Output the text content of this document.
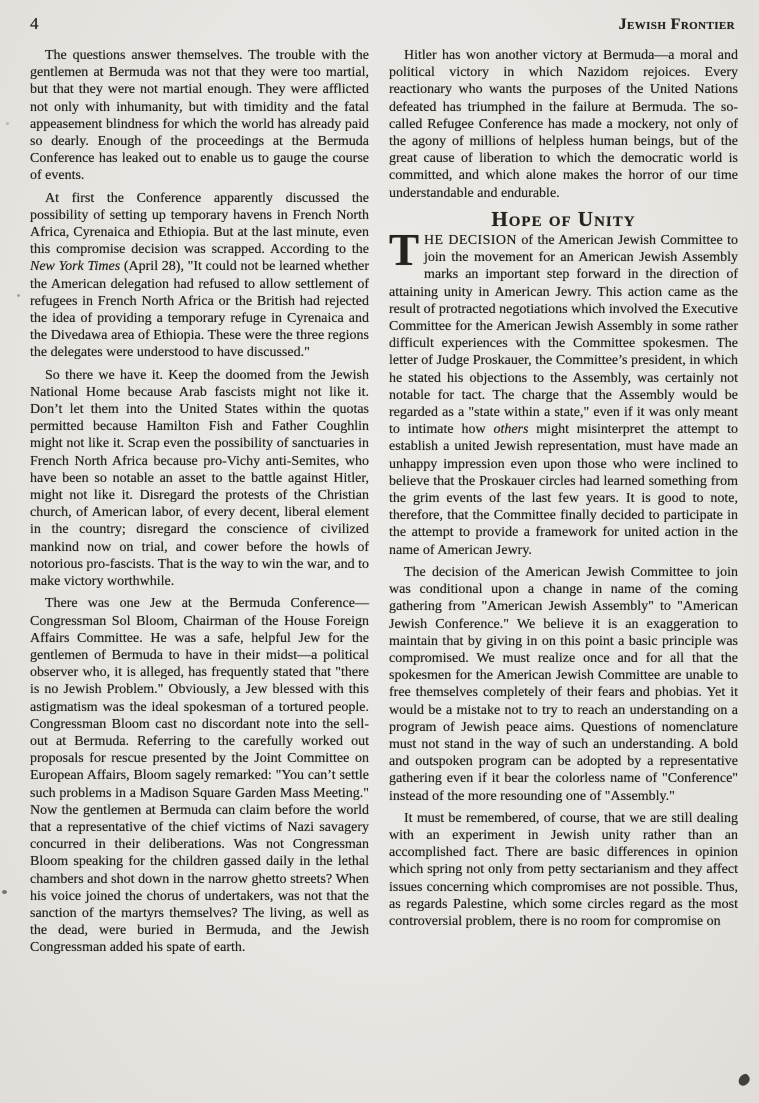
4	Jewish Frontier

The questions answer themselves. The trouble with the gentlemen at Bermuda was not that they were too martial, but that they were not martial enough. They were afflicted not only with inhumanity, but with timidity and the fatal appeasement blindness for which the world has already paid so dearly. Enough of the proceedings at the Bermuda Conference has leaked out to enable us to gauge the course of events.

At first the Conference apparently discussed the possibility of setting up temporary havens in French North Africa, Cyrenaica and Ethiopia. But at the last minute, even this compromise decision was scrapped. According to the New York Times (April 28), "It could not be learned whether the American delegation had refused to allow settlement of refugees in French North Africa or the British had rejected the idea of providing a temporary refuge in Cyrenaica and the Divedawa area of Ethiopia. These were the three regions the delegates were understood to have discussed."

So there we have it. Keep the doomed from the Jewish National Home because Arab fascists might not like it. Don’t let them into the United States within the quotas permitted because Hamilton Fish and Father Coughlin might not like it. Scrap even the possibility of sanctuaries in French North Africa because pro-Vichy anti-Semites, who have been so notable an asset to the battle against Hitler, might not like it. Disregard the protests of the Christian church, of American labor, of every decent, liberal element in the country; disregard the conscience of civilized mankind now on trial, and cower before the howls of notorious pro-fascists. That is the way to win the war, and to make victory worthwhile.

There was one Jew at the Bermuda Conference—Congressman Sol Bloom, Chairman of the House Foreign Affairs Committee. He was a safe, helpful Jew for the gentlemen of Bermuda to have in their midst—a political observer who, it is alleged, has frequently stated that "there is no Jewish Problem." Obviously, a Jew blessed with this astigmatism was the ideal spokesman of a tortured people. Congressman Bloom cast no discordant note into the sell-out at Bermuda. Referring to the carefully worked out proposals for rescue presented by the Joint Committee on European Affairs, Bloom sagely remarked: "You can’t settle such problems in a Madison Square Garden Mass Meeting." Now the gentlemen at Bermuda can claim before the world that a representative of the chief victims of Nazi savagery concurred in their deliberations. Was not Congressman Bloom speaking for the children gassed daily in the lethal chambers and shot down in the narrow ghetto streets? When his voice joined the chorus of undertakers, was not that the sanction of the martyrs themselves? The living, as well as the dead, were buried in Bermuda, and the Jewish Congressman added his spate of earth.

Hitler has won another victory at Bermuda—a moral and political victory in which Nazidom rejoices. Every reactionary who wants the purposes of the United Nations defeated has triumphed in the failure at Bermuda. The so-called Refugee Conference has made a mockery, not only of the agony of millions of helpless human beings, but of the great cause of liberation to which the democratic world is committed, and which alone makes the horror of our time understandable and endurable.

Hope of Unity

THE DECISION of the American Jewish Committee to join the movement for an American Jewish Assembly marks an important step forward in the direction of attaining unity in American Jewry. This action came as the result of protracted negotiations which involved the Executive Committee for the American Jewish Assembly in some rather difficult experiences with the Committee spokesmen. The letter of Judge Proskauer, the Committee’s president, in which he stated his objections to the Assembly, was certainly not notable for tact. The charge that the Assembly would be regarded as a "state within a state," even if it was only meant to intimate how others might misinterpret the attempt to establish a united Jewish representation, must have made an unhappy impression even upon those who were inclined to believe that the Proskauer circles had learned something from the grim events of the last few years. It is good to note, therefore, that the Committee finally decided to participate in the attempt to provide a framework for united action in the name of American Jewry.

The decision of the American Jewish Committee to join was conditional upon a change in name of the coming gathering from "American Jewish Assembly" to "American Jewish Conference." We believe it is an exaggeration to maintain that by giving in on this point a basic principle was compromised. We must realize once and for all that the spokesmen for the American Jewish Committee are unable to free themselves completely of their fears and phobias. Yet it would be a mistake not to try to reach an understanding on a program of Jewish peace aims. Questions of nomenclature must not stand in the way of such an understanding. A bold and outspoken program can be adopted by a representative gathering even if it bear the colorless name of "Conference" instead of the more resounding one of "Assembly."

It must be remembered, of course, that we are still dealing with an experiment in Jewish unity rather than an accomplished fact. There are basic differences in opinion which spring not only from petty sectarianism and they affect issues concerning which compromises are not possible. Thus, as regards Palestine, which some circles regard as the most controversial problem, there is no room for compromise on
